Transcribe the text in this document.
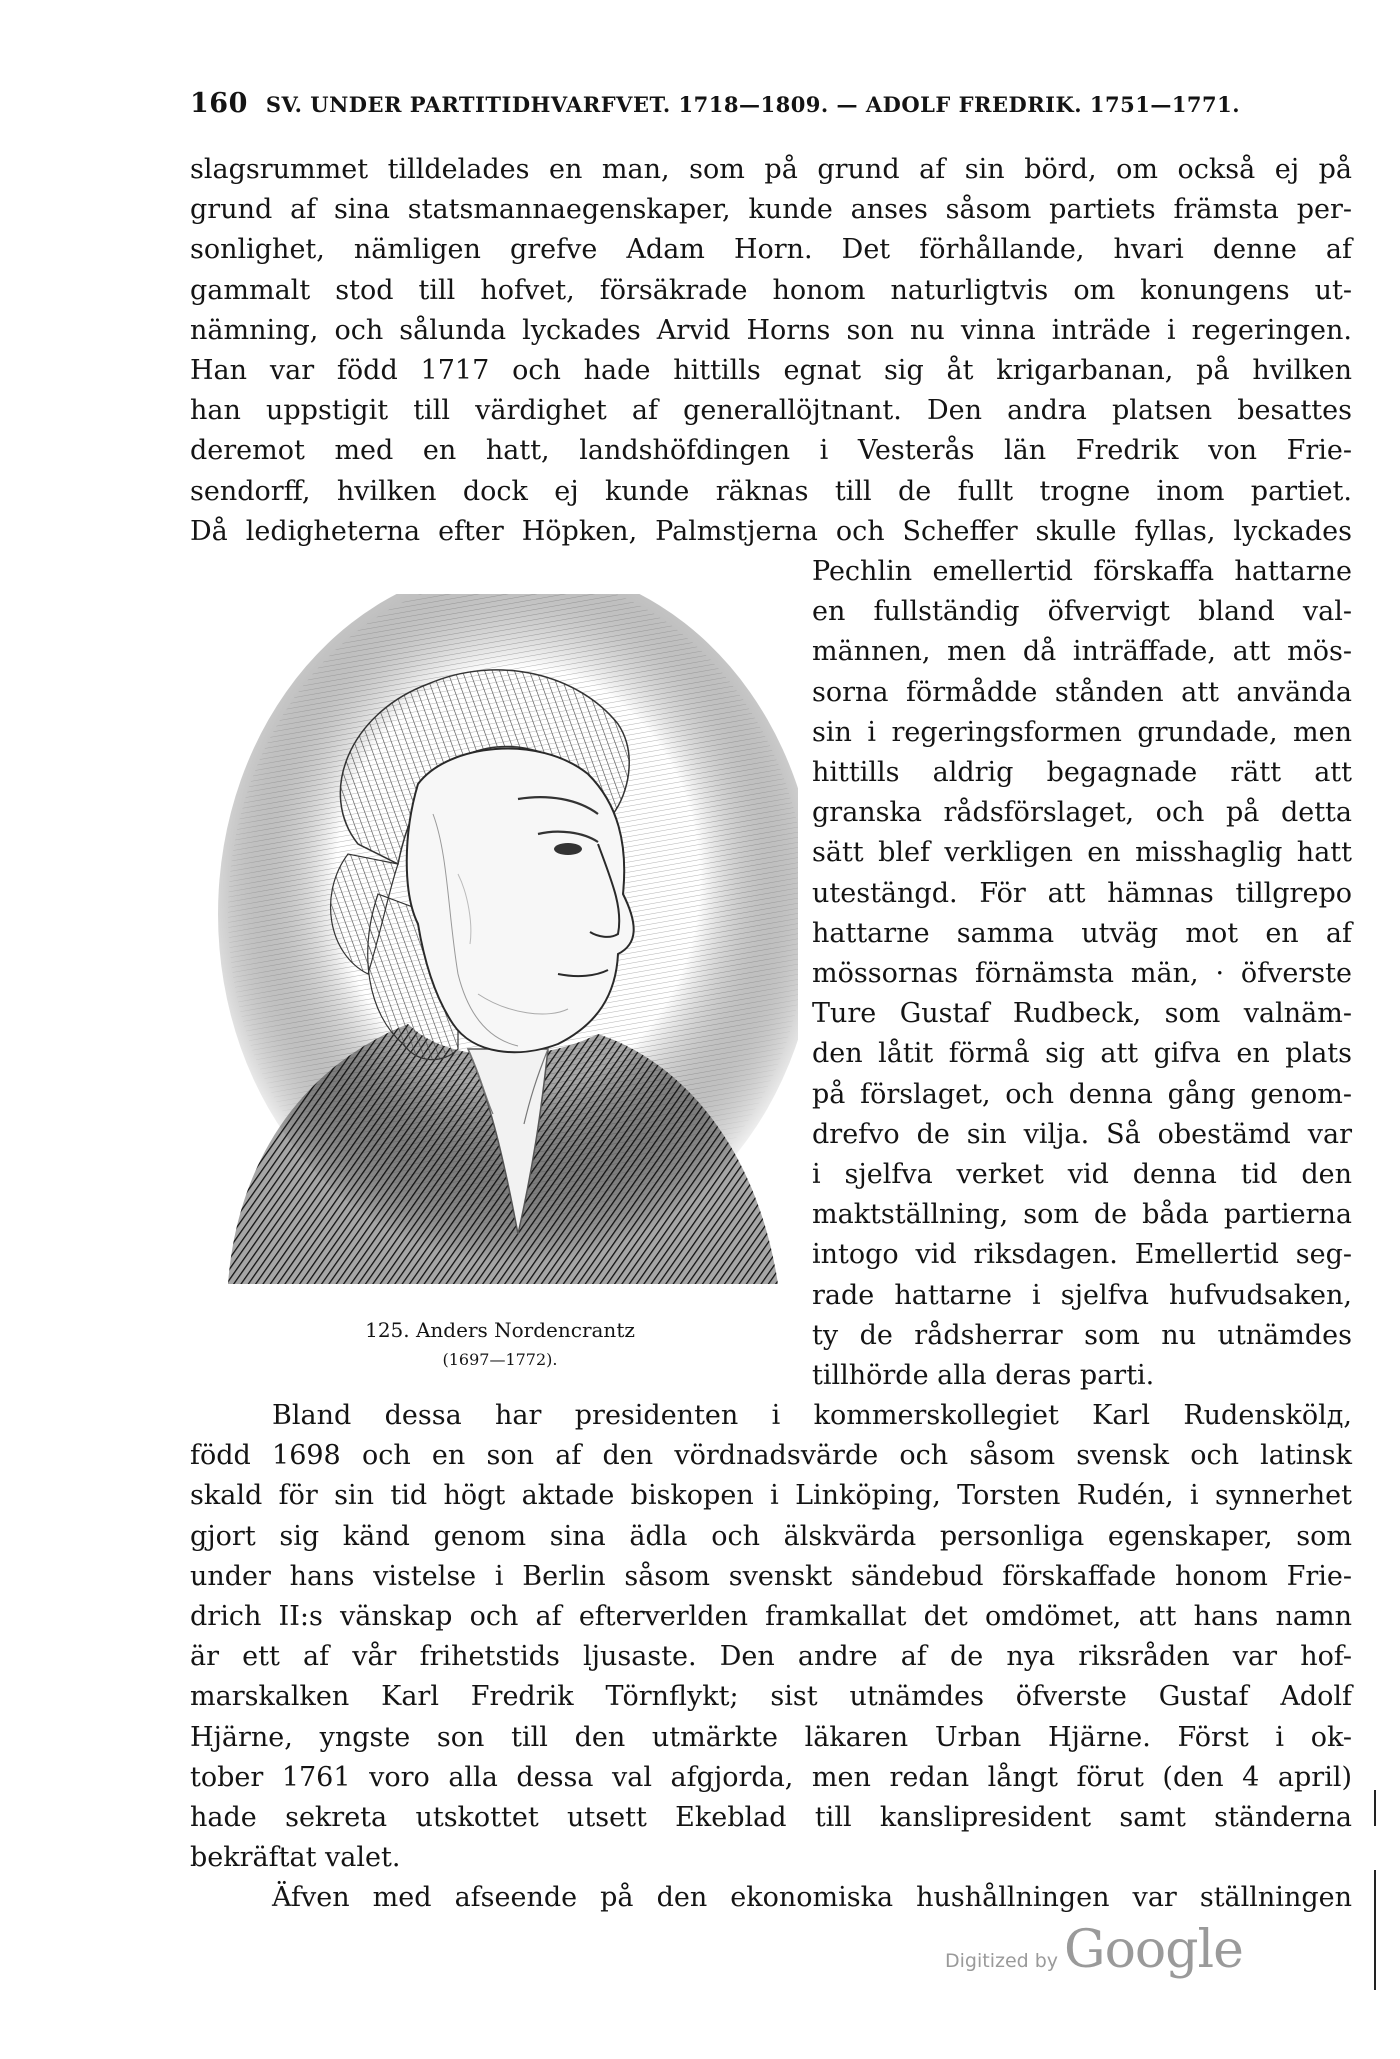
160 SV. UNDER PARTITIDHVARFVET. 1718—1809. — ADOLF FREDRIK. 1751—1771.
slagsrummet tilldelades en man, som på grund af sin börd, om också ej på
grund af sina statsmannaegenskaper, kunde anses såsom partiets främsta per-
sonlighet, nämligen grefve Adam Horn. Det förhållande, hvari denne af
gammalt stod till hofvet, försäkrade honom naturligtvis om konungens ut-
nämning, och sålunda lyckades Arvid Horns son nu vinna inträde i regeringen.
Han var född 1717 och hade hittills egnat sig åt krigarbanan, på hvilken
han uppstigit till värdighet af generallöjtnant. Den andra platsen besattes
deremot med en hatt, landshöfdingen i Vesterås län Fredrik von Frie-
sendorff, hvilken dock ej kunde räknas till de fullt trogne inom partiet.
Då ledigheterna efter Höpken, Palmstjerna och Scheffer skulle fyllas, lyckades
Pechlin emellertid förskaffa hattarne
en fullständig öfvervigt bland val-
männen, men då inträffade, att mös-
sorna förmådde stånden att använda
sin i regeringsformen grundade, men
hittills aldrig begagnade rätt att
granska rådsförslaget, och på detta
sätt blef verkligen en misshaglig hatt
utestängd. För att hämnas tillgrepo
hattarne samma utväg mot en af
mössornas förnämsta män, · öfverste
Ture Gustaf Rudbeck, som valnäm-
den låtit förmå sig att gifva en plats
på förslaget, och denna gång genom-
drefvo de sin vilja. Så obestämd var
i sjelfva verket vid denna tid den
maktställning, som de båda partierna
intogo vid riksdagen. Emellertid seg-
rade hattarne i sjelfva hufvudsaken,
ty de rådsherrar som nu utnämdes
tillhörde alla deras parti.
125. Anders Nordencrantz
(1697—1772).
Bland dessa har presidenten i kommerskollegiet Karl Rudenskölд,
född 1698 och en son af den vördnadsvärde och såsom svensk och latinsk
skald för sin tid högt aktade biskopen i Linköping, Torsten Rudén, i synnerhet
gjort sig känd genom sina ädla och älskvärda personliga egenskaper, som
under hans vistelse i Berlin såsom svenskt sändebud förskaffade honom Frie-
drich II:s vänskap och af efterverlden framkallat det omdömet, att hans namn
är ett af vår frihetstids ljusaste. Den andre af de nya riksråden var hof-
marskalken Karl Fredrik Törnflykt; sist utnämdes öfverste Gustaf Adolf
Hjärne, yngste son till den utmärkte läkaren Urban Hjärne. Först i ok-
tober 1761 voro alla dessa val afgjorda, men redan långt förut (den 4 april)
hade sekreta utskottet utsett Ekeblad till kanslipresident samt ständerna
bekräftat valet.
Äfven med afseende på den ekonomiska hushållningen var ställningen
Digitized by Google
